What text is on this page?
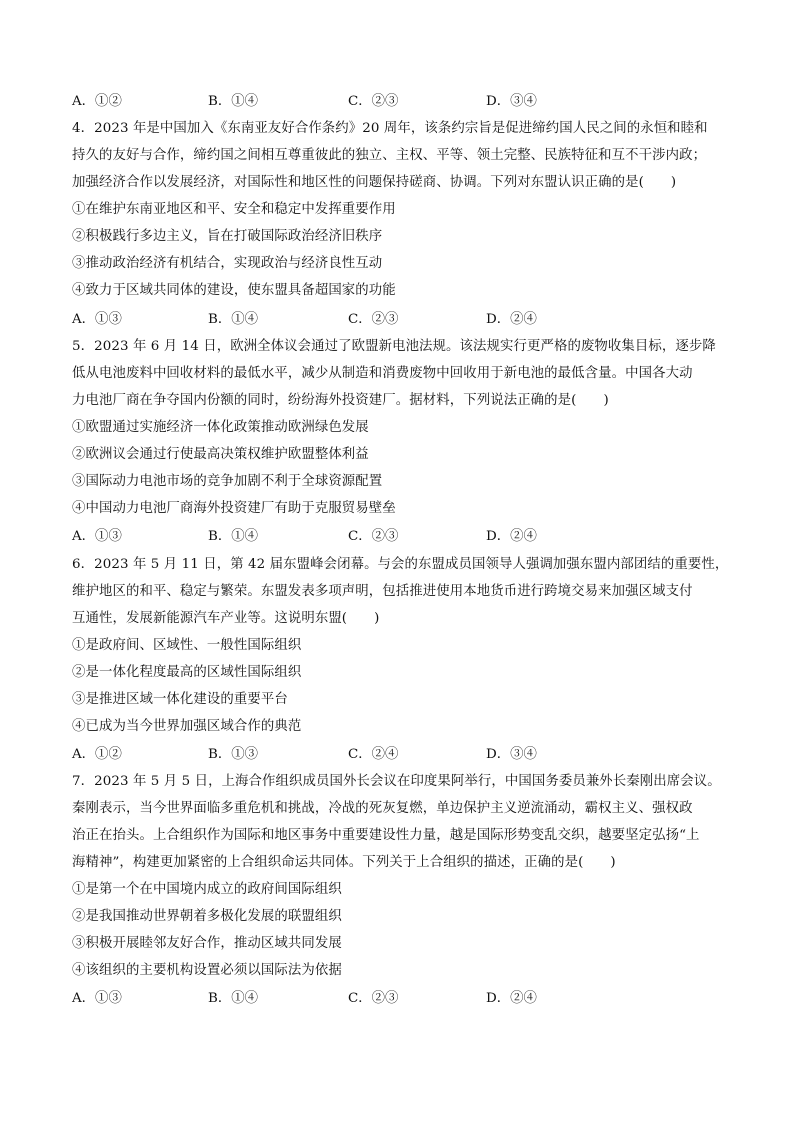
A．①②	B．①④	C．②③	D．③④
4．2023 年是中国加入《东南亚友好合作条约》20 周年，该条约宗旨是促进缔约国人民之间的永恒和睦和
持久的友好与合作，缔约国之间相互尊重彼此的独立、主权、平等、领土完整、民族特征和互不干涉内政；
加强经济合作以发展经济，对国际性和地区性的问题保持磋商、协调。下列对东盟认识正确的是(　　)
①在维护东南亚地区和平、安全和稳定中发挥重要作用
②积极践行多边主义，旨在打破国际政治经济旧秩序
③推动政治经济有机结合，实现政治与经济良性互动
④致力于区域共同体的建设，使东盟具备超国家的功能
A．①③	B．①④	C．②③	D．②④
5．2023 年 6 月 14 日，欧洲全体议会通过了欧盟新电池法规。该法规实行更严格的废物收集目标，逐步降
低从电池废料中回收材料的最低水平，减少从制造和消费废物中回收用于新电池的最低含量。中国各大动
力电池厂商在争夺国内份额的同时，纷纷海外投资建厂。据材料，下列说法正确的是(　　)
①欧盟通过实施经济一体化政策推动欧洲绿色发展
②欧洲议会通过行使最高决策权维护欧盟整体利益
③国际动力电池市场的竞争加剧不利于全球资源配置
④中国动力电池厂商海外投资建厂有助于克服贸易壁垒
A．①③	B．①④	C．②③	D．②④
6．2023 年 5 月 11 日，第 42 届东盟峰会闭幕。与会的东盟成员国领导人强调加强东盟内部团结的重要性，
维护地区的和平、稳定与繁荣。东盟发表多项声明，包括推进使用本地货币进行跨境交易来加强区域支付
互通性，发展新能源汽车产业等。这说明东盟(　　)
①是政府间、区域性、一般性国际组织
②是一体化程度最高的区域性国际组织
③是推进区域一体化建设的重要平台
④已成为当今世界加强区域合作的典范
A．①②	B．①③	C．②④	D．③④
7．2023 年 5 月 5 日，上海合作组织成员国外长会议在印度果阿举行，中国国务委员兼外长秦刚出席会议。
秦刚表示，当今世界面临多重危机和挑战，冷战的死灰复燃，单边保护主义逆流涌动，霸权主义、强权政
治正在抬头。上合组织作为国际和地区事务中重要建设性力量，越是国际形势变乱交织，越要坚定弘扬“上
海精神”，构建更加紧密的上合组织命运共同体。下列关于上合组织的描述，正确的是(　　)
①是第一个在中国境内成立的政府间国际组织
②是我国推动世界朝着多极化发展的联盟组织
③积极开展睦邻友好合作，推动区域共同发展
④该组织的主要机构设置必须以国际法为依据
A．①③	B．①④	C．②③	D．②④
